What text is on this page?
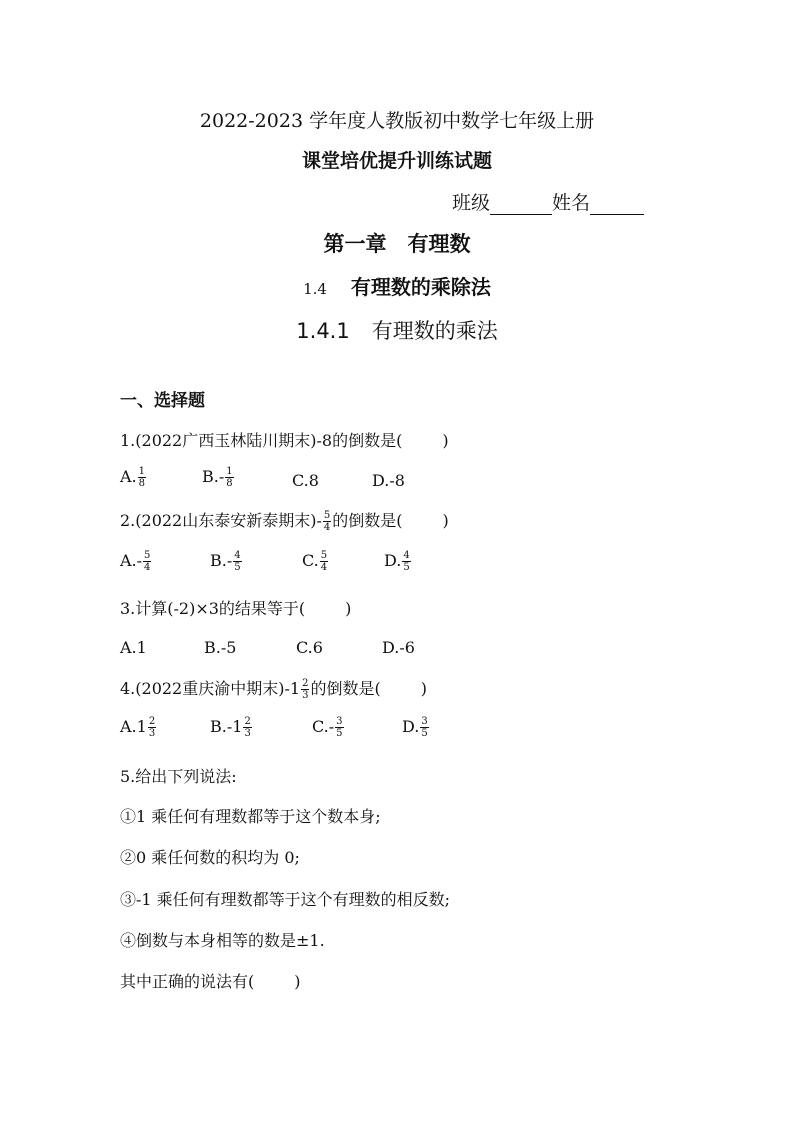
2022-2023 学年度人教版初中数学七年级上册
课堂培优提升训练试题
班级	姓名
第一章　有理数
1.4 有理数的乘除法
1.4.1 有理数的乘法
一、选择题
1.(2022广西玉林陆川期末)-8的倒数是(	)
A. $\frac{1}{8}$	$B.- \frac{1}{8}$	C.8	D.-8
2.(2022山东泰安新泰期末)- $\frac{5}{4}$ 的倒数是(	)
$A.- \frac{5}{4}$	$B.- \frac{4}{5}$	C. $\frac{5}{4}$	D. $\frac{4}{5}$
3.计算(-2)×3的结果等于(	)
A.1	B.-5	C.6	D.-6
4.(2022重庆渝中期末)$-1 \frac{2}{3}$ 的倒数是(	)
$A.1 \frac{2}{3}$	$B.-1 \frac{2}{3}$	$C.- \frac{3}{5}$	D. $\frac{3}{5}$
5.给出下列说法:
①1 乘任何有理数都等于这个数本身;
②0 乘任何数的积均为 0;
③-1 乘任何有理数都等于这个有理数的相反数;
④倒数与本身相等的数是±1.
其中正确的说法有(	)
